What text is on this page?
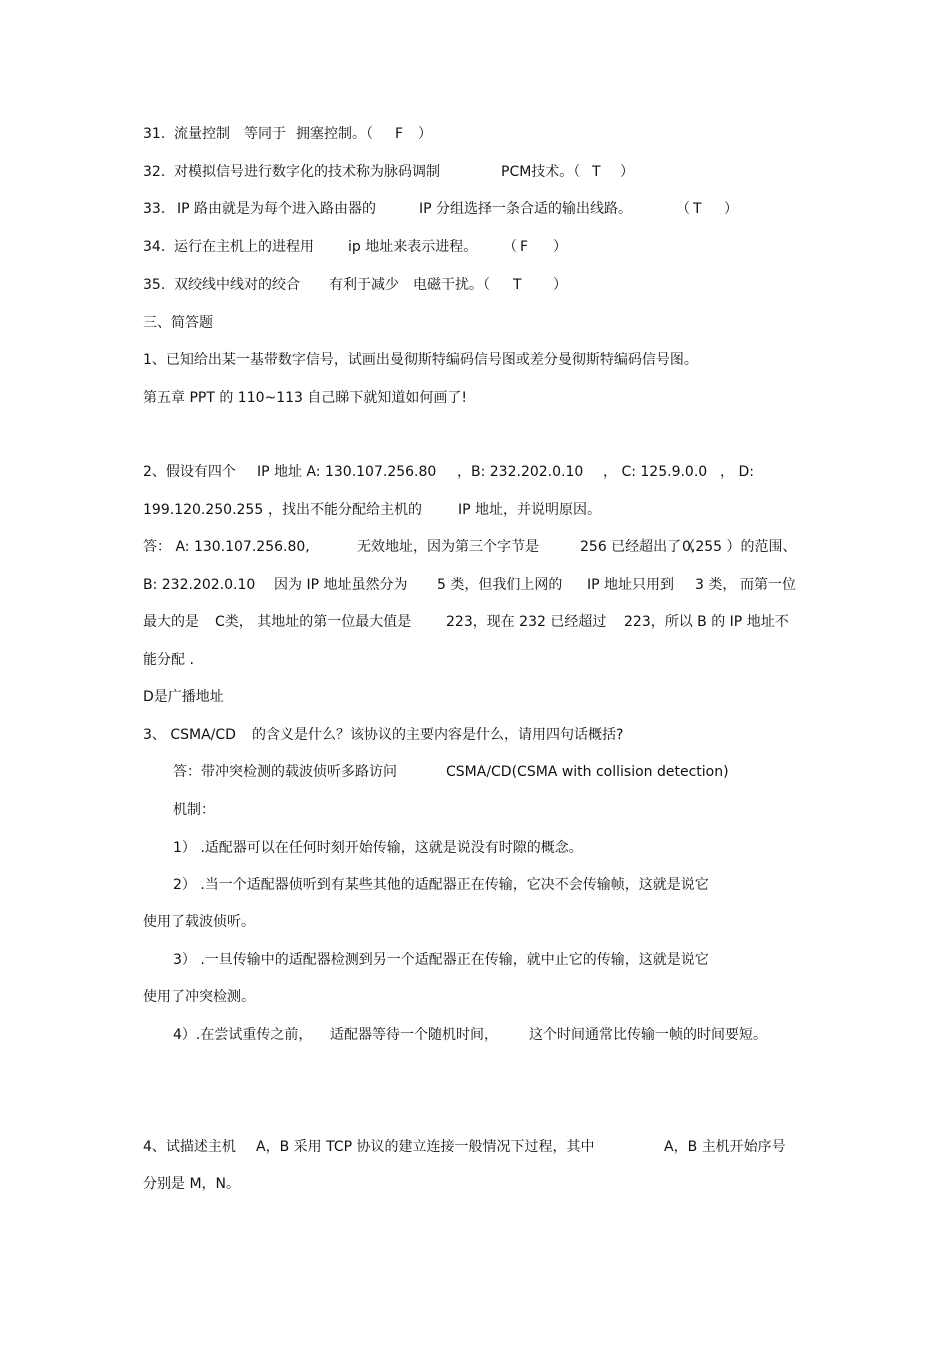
31. 流量控制 等同于 拥塞控制。（ F ）
32. 对模拟信号进行数字化的技术称为脉码调制	PCM技术。（ T ）
33. IP 路由就是为每个进入路由器的	IP 分组选择一条合适的输出线路。	（ T ）
34. 运行在主机上的进程用 ip 地址来表示进程。 （ F ）
35. 双绞线中线对的绞合 有利于减少 电磁干扰。（ T ）
三、简答题
1、已知给出某一基带数字信号，试画出曼彻斯特编码信号图或差分曼彻斯特编码信号图。
第五章 PPT 的 110~113 自己睇下就知道如何画了!
2、假设有四个 IP 地址 A: 130.107.256.80 ，B: 232.202.0.10 ， C: 125.9.0.0 ， D:
199.120.250.255 ，找出不能分配给主机的	IP 地址，并说明原因。
答： A: 130.107.256.80,	无效地址，因为第三个字节是	256 已经超出了（
0,255 ）的范围、
B: 232.202.0.10 因为 IP 地址虽然分为 5 类，但我们上网的 IP 地址只用到 3 类， 而第一位
最大的是 C类， 其地址的第一位最大值是 223，现在 232 已经超过 223，所以 B 的 IP 地址不
能分配 .
D是广播地址
3、 CSMA/CD 的含义是什么？该协议的主要内容是什么，请用四句话概括?
答：带冲突检测的载波侦听多路访问	CSMA/CD(CSMA with collision detection)
机制：
1） .适配器可以在任何时刻开始传输，这就是说没有时隙的概念。
2） .当一个适配器侦听到有某些其他的适配器正在传输，它决不会传输帧，这就是说它
使用了载波侦听。
3） .一旦传输中的适配器检测到另一个适配器正在传输，就中止它的传输，这就是说它
使用了冲突检测。
4）.在尝试重传之前， 适配器等待一个随机时间， 这个时间通常比传输一帧的时间要短。
4、试描述主机 A，B 采用 TCP 协议的建立连接一般情况下过程，其中	A，B 主机开始序号
分别是 M，N。
